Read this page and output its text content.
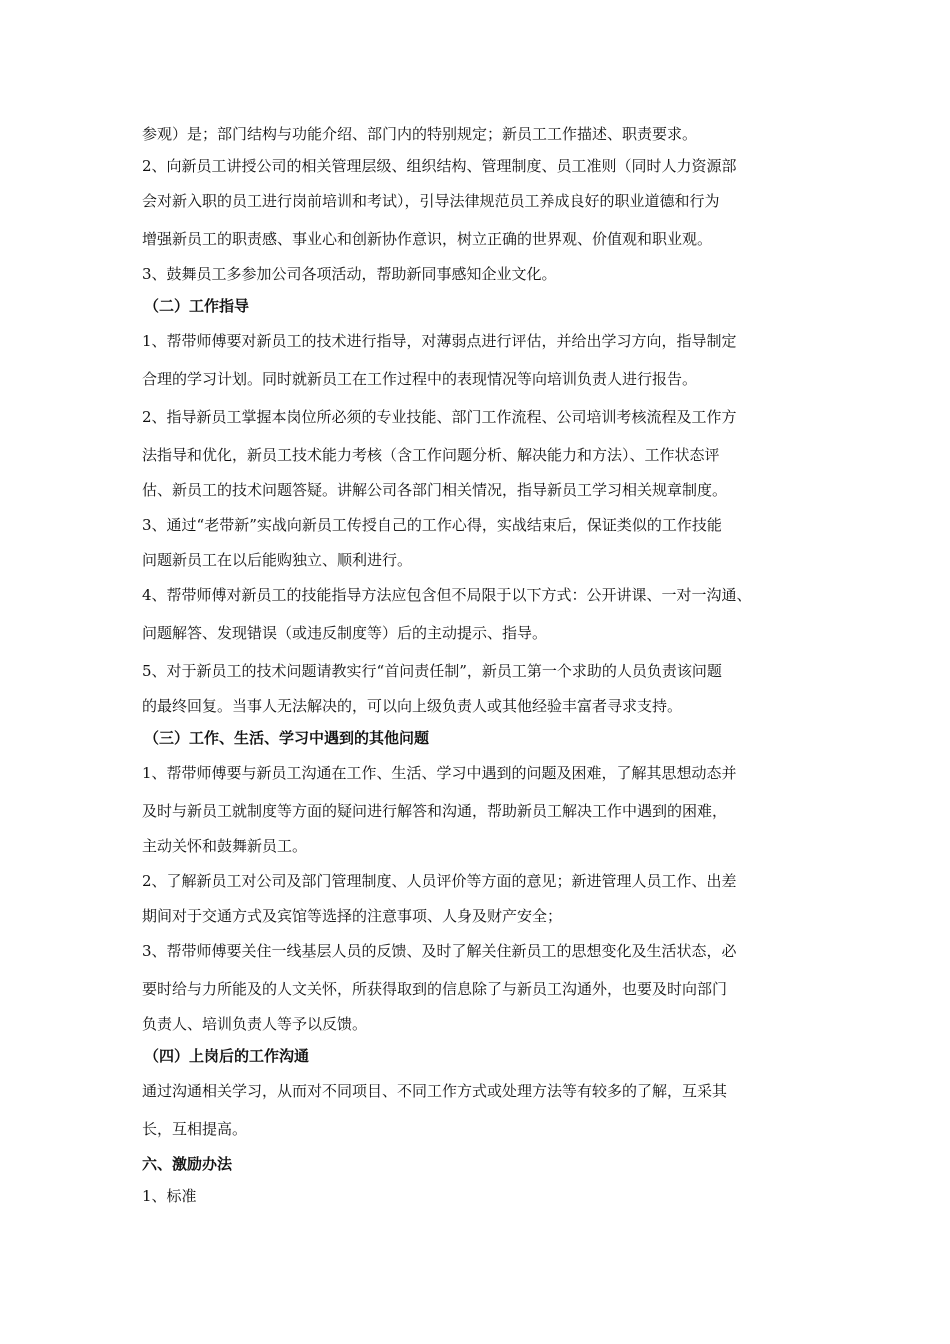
参观）是；部门结构与功能介绍、部门内的特别规定；新员工工作描述、职责要求。
2、向新员工讲授公司的相关管理层级、组织结构、管理制度、员工准则（同时人力资源部
会对新入职的员工进行岗前培训和考试），引导法律规范员工养成良好的职业道德和行为
增强新员工的职责感、事业心和创新协作意识，树立正确的世界观、价值观和职业观。
3、鼓舞员工多参加公司各项活动，帮助新同事感知企业文化。
（二）工作指导
1、帮带师傅要对新员工的技术进行指导，对薄弱点进行评估，并给出学习方向，指导制定
合理的学习计划。同时就新员工在工作过程中的表现情况等向培训负责人进行报告。
2、指导新员工掌握本岗位所必须的专业技能、部门工作流程、公司培训考核流程及工作方
法指导和优化，新员工技术能力考核（含工作问题分析、解决能力和方法）、工作状态评
估、新员工的技术问题答疑。讲解公司各部门相关情况，指导新员工学习相关规章制度。
3、通过“老带新”实战向新员工传授自己的工作心得，实战结束后，保证类似的工作技能
问题新员工在以后能购独立、顺利进行。
4、帮带师傅对新员工的技能指导方法应包含但不局限于以下方式：公开讲课、一对一沟通、
问题解答、发现错误（或违反制度等）后的主动提示、指导。
5、对于新员工的技术问题请教实行“首问责任制”，新员工第一个求助的人员负责该问题
的最终回复。当事人无法解决的，可以向上级负责人或其他经验丰富者寻求支持。
（三）工作、生活、学习中遇到的其他问题
1、帮带师傅要与新员工沟通在工作、生活、学习中遇到的问题及困难，了解其思想动态并
及时与新员工就制度等方面的疑问进行解答和沟通，帮助新员工解决工作中遇到的困难，
主动关怀和鼓舞新员工。
2、了解新员工对公司及部门管理制度、人员评价等方面的意见；新进管理人员工作、出差
期间对于交通方式及宾馆等选择的注意事项、人身及财产安全；
3、帮带师傅要关住一线基层人员的反馈、及时了解关住新员工的思想变化及生活状态，必
要时给与力所能及的人文关怀，所获得取到的信息除了与新员工沟通外，也要及时向部门
负责人、培训负责人等予以反馈。
（四）上岗后的工作沟通
通过沟通相关学习，从而对不同项目、不同工作方式或处理方法等有较多的了解，互采其
长，互相提高。
六、激励办法
1、标准
